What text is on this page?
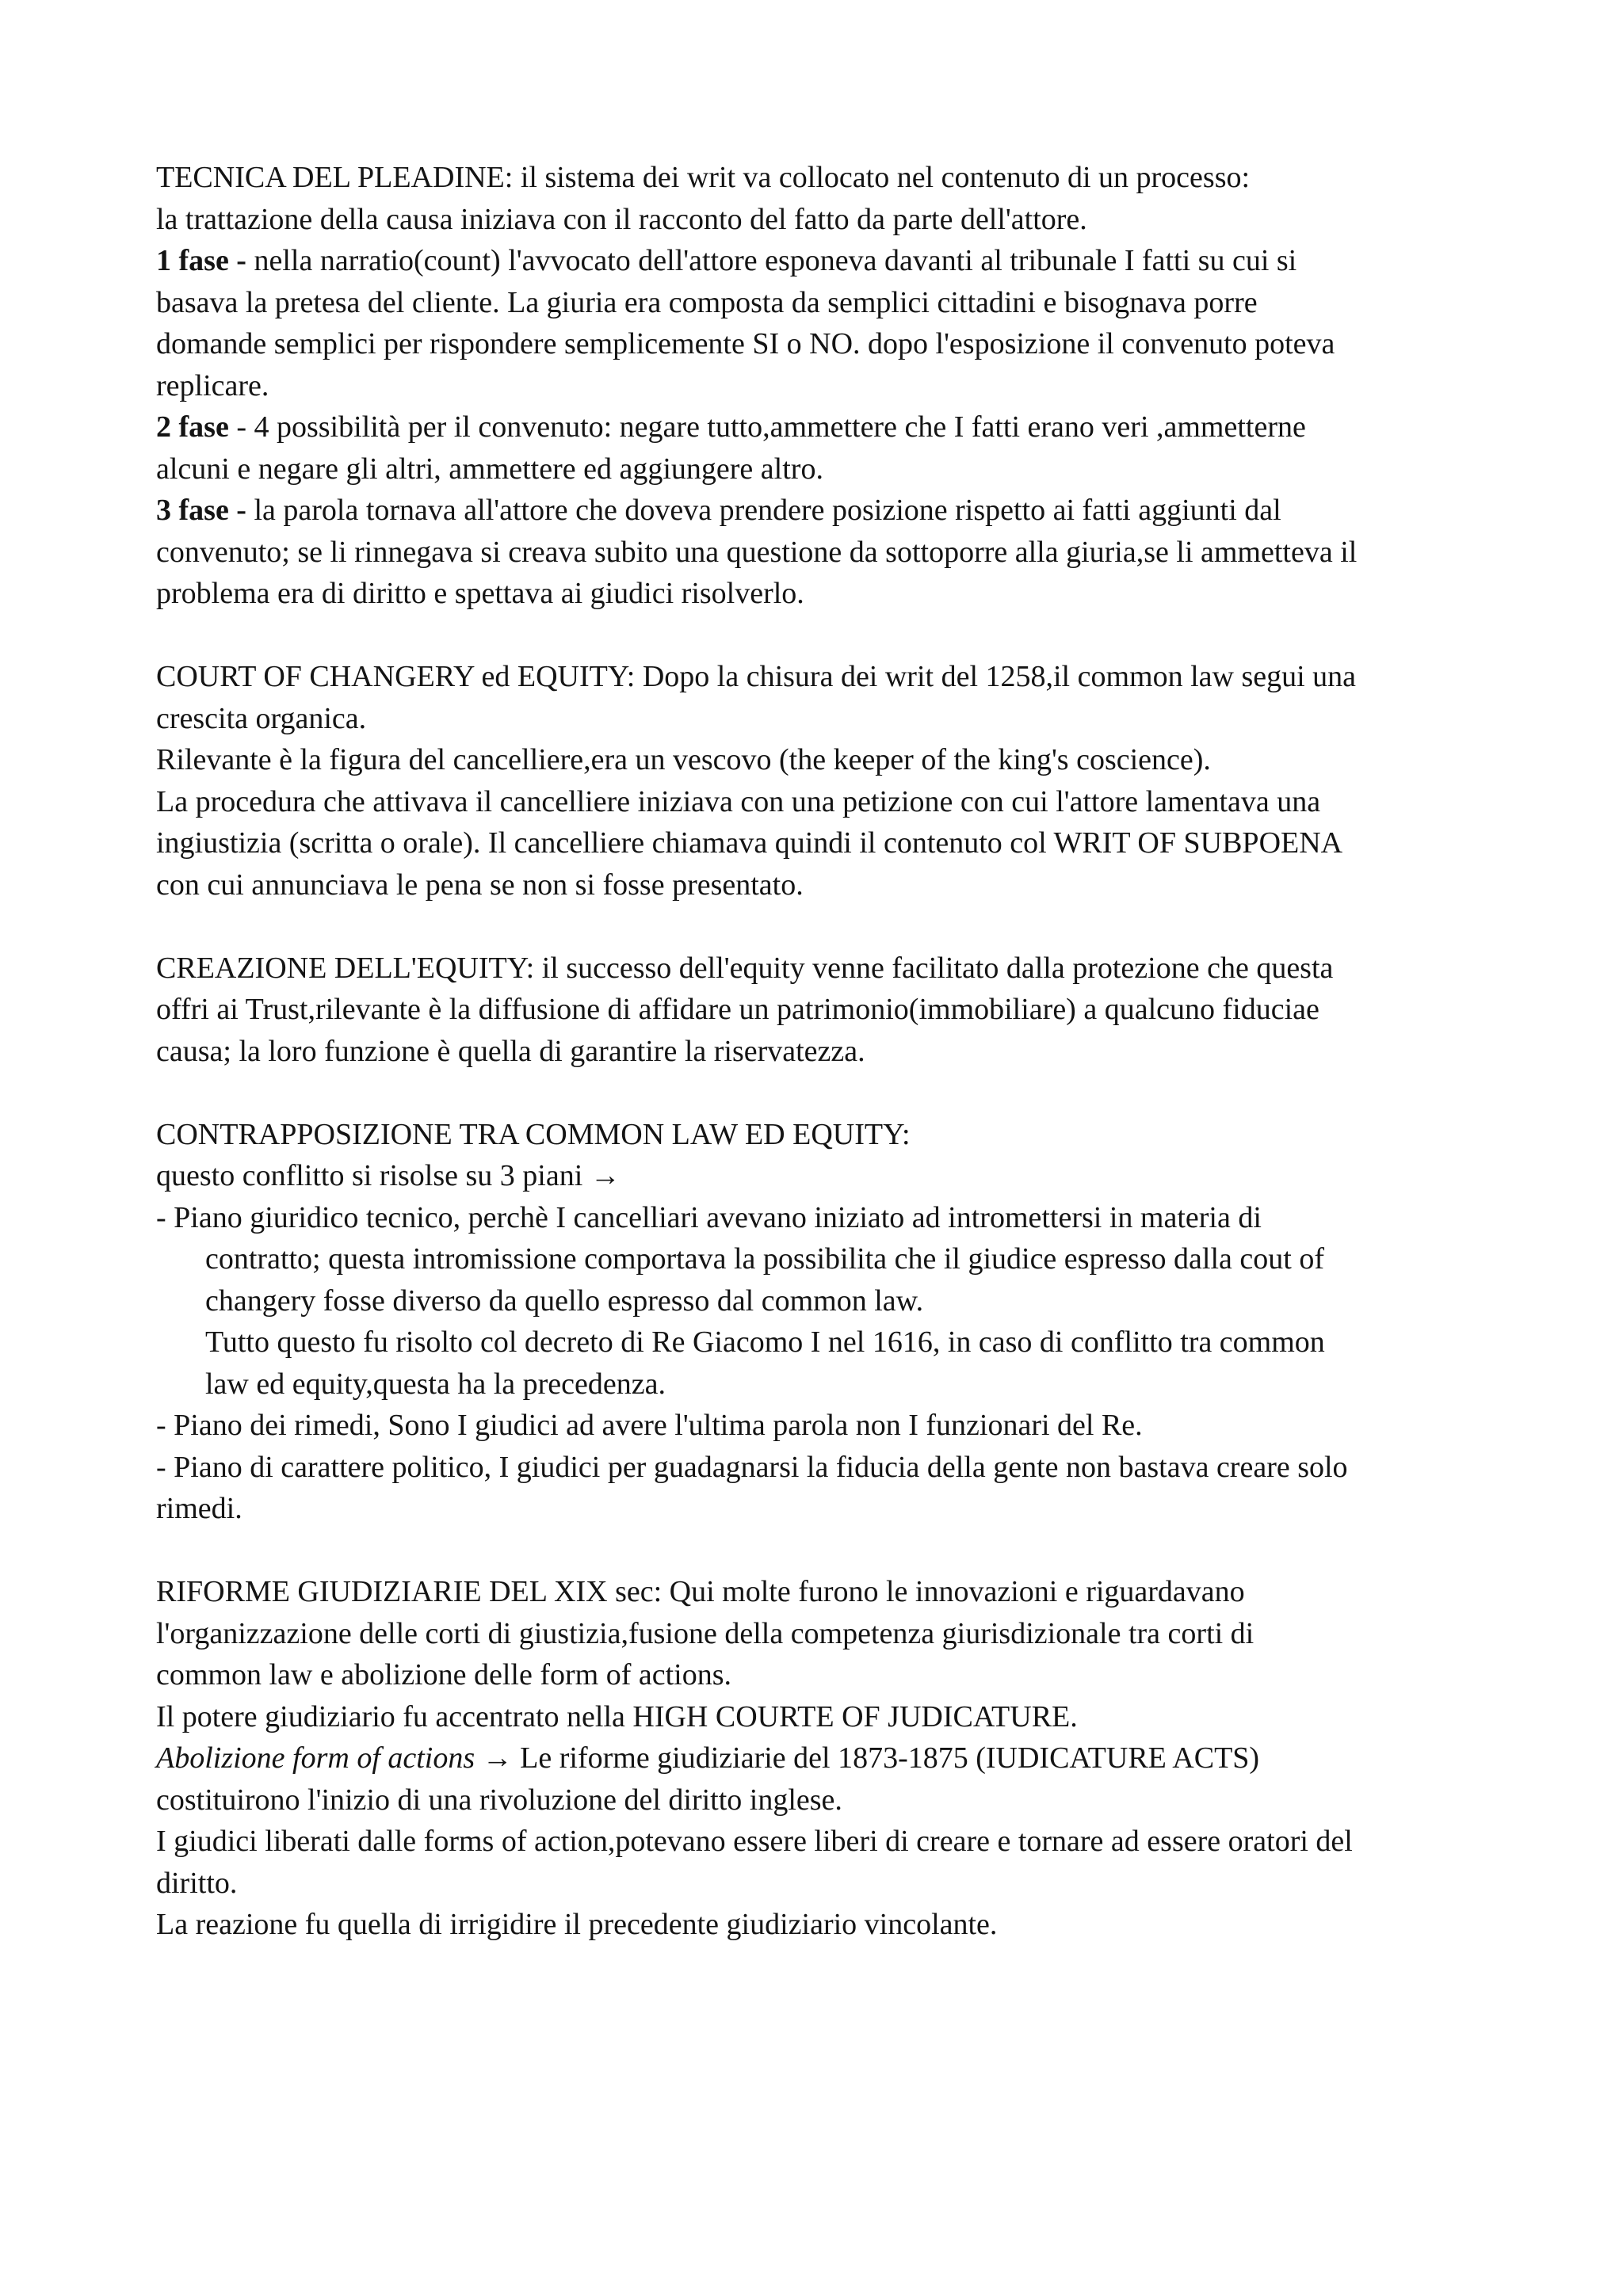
TECNICA DEL PLEADINE: il sistema dei writ va collocato nel contenuto di un processo:
la trattazione della causa iniziava con il racconto del fatto da parte dell'attore.
1 fase - nella narratio(count) l'avvocato dell'attore esponeva davanti al tribunale I fatti su cui si
basava la pretesa del cliente. La giuria era composta da semplici cittadini e bisognava porre
domande semplici per rispondere semplicemente SI o NO. dopo l'esposizione il convenuto poteva
replicare.
2 fase - 4 possibilità per il convenuto: negare tutto,ammettere che I fatti erano veri ,ammetterne
alcuni e negare gli altri, ammettere ed aggiungere altro.
3 fase - la parola tornava all'attore che doveva prendere posizione rispetto ai fatti aggiunti dal
convenuto; se li rinnegava si creava subito una questione da sottoporre alla giuria,se li ammetteva il
problema era di diritto e spettava ai giudici risolverlo.
COURT OF CHANGERY ed EQUITY: Dopo la chisura dei writ del 1258,il common law segui una
crescita organica.
Rilevante è la figura del cancelliere,era un vescovo (the keeper of the king's coscience).
La procedura che attivava il cancelliere iniziava con una petizione con cui l'attore lamentava una
ingiustizia (scritta o orale). Il cancelliere chiamava quindi il contenuto col WRIT OF SUBPOENA
con cui annunciava le pena se non si fosse presentato.
CREAZIONE DELL'EQUITY: il successo dell'equity venne facilitato dalla protezione che questa
offri ai Trust,rilevante è la diffusione di affidare un patrimonio(immobiliare) a qualcuno fiduciae
causa; la loro funzione è quella di garantire la riservatezza.
CONTRAPPOSIZIONE TRA COMMON LAW ED EQUITY:
questo conflitto si risolse su 3 piani →
- Piano giuridico tecnico, perchè I cancelliari avevano iniziato ad intromettersi in materia di
contratto; questa intromissione comportava la possibilita che il giudice espresso dalla cout of
changery fosse diverso da quello espresso dal common law.
Tutto questo fu risolto col decreto di Re Giacomo I nel 1616, in caso di conflitto tra common
law ed equity,questa ha la precedenza.
- Piano dei rimedi, Sono I giudici ad avere l'ultima parola non I funzionari del Re.
- Piano di carattere politico, I giudici per guadagnarsi la fiducia della gente non bastava creare solo
rimedi.
RIFORME GIUDIZIARIE DEL XIX sec: Qui molte furono le innovazioni e riguardavano
l'organizzazione delle corti di giustizia,fusione della competenza giurisdizionale tra corti di
common law e abolizione delle form of actions.
Il potere giudiziario fu accentrato nella HIGH COURTE OF JUDICATURE.
Abolizione form of actions → Le riforme giudiziarie del 1873-1875 (IUDICATURE ACTS)
costituirono l'inizio di una rivoluzione del diritto inglese.
I giudici liberati dalle forms of action,potevano essere liberi di creare e tornare ad essere oratori del
diritto.
La reazione fu quella di irrigidire il precedente giudiziario vincolante.
